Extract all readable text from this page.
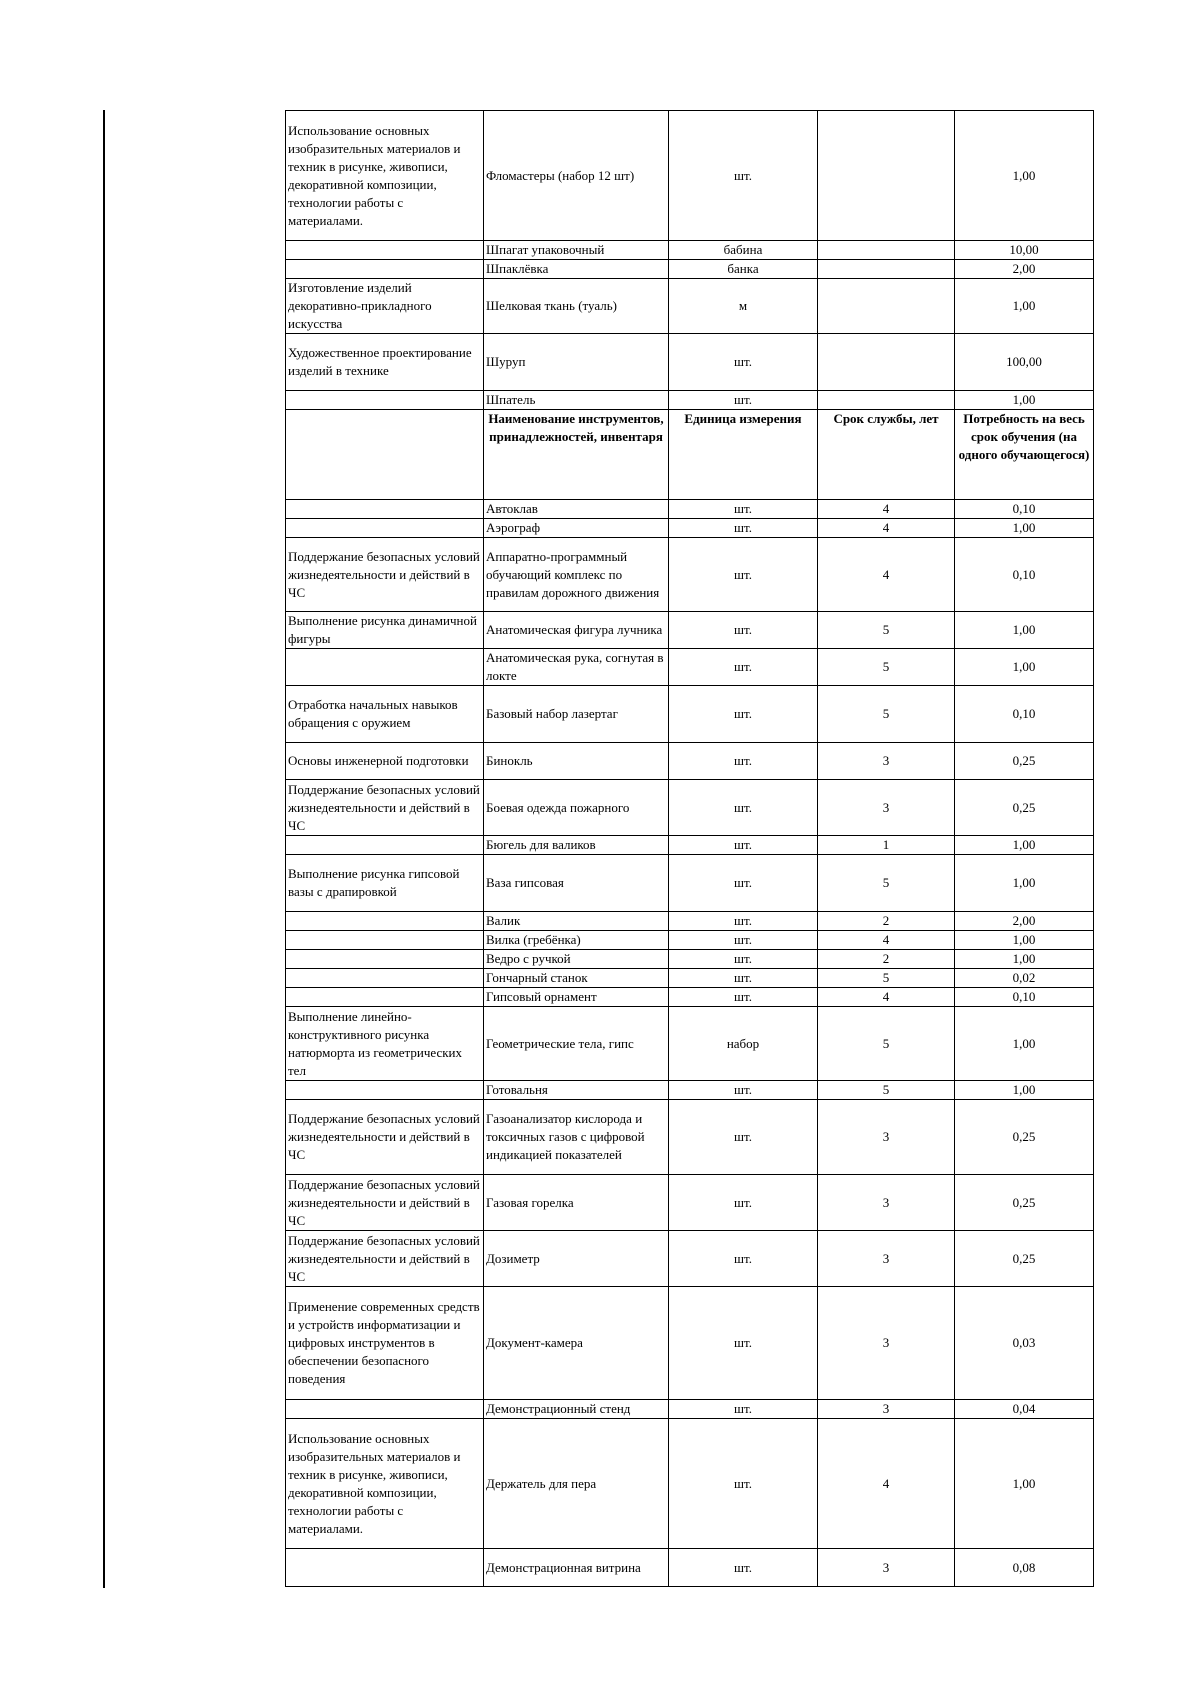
Использование основных изобразительных материалов и техник в рисунке, живописи, декоративной композиции, технологии работы с материалами.	Фломастеры (набор 12 шт)	шт.		1,00
	Шпагат упаковочный	бабина		10,00
	Шпаклёвка	банка		2,00
Изготовление изделий декоративно-прикладного искусства	Шелковая ткань (туаль)	м		1,00
Художественное проектирование изделий в технике	Шуруп	шт.		100,00
	Шпатель	шт.		1,00
	Наименование инструментов, принадлежностей, инвентаря	Единица измерения	Срок службы, лет	Потребность на весь срок обучения (на одного обучающегося)
	Автоклав	шт.	4	0,10
	Аэрограф	шт.	4	1,00
Поддержание безопасных условий жизнедеятельности и действий в ЧС	Аппаратно-программный обучающий комплекс по правилам дорожного движения	шт.	4	0,10
Выполнение рисунка динамичной фигуры	Анатомическая фигура лучника	шт.	5	1,00
	Анатомическая рука, согнутая в локте	шт.	5	1,00
Отработка начальных навыков обращения с оружием	Базовый набор лазертаг	шт.	5	0,10
Основы инженерной подготовки	Бинокль	шт.	3	0,25
Поддержание безопасных условий жизнедеятельности и действий в ЧС	Боевая одежда пожарного	шт.	3	0,25
	Бюгель для валиков	шт.	1	1,00
Выполнение рисунка гипсовой вазы с драпировкой	Ваза гипсовая	шт.	5	1,00
	Валик	шт.	2	2,00
	Вилка (гребёнка)	шт.	4	1,00
	Ведро с ручкой	шт.	2	1,00
	Гончарный станок	шт.	5	0,02
	Гипсовый орнамент	шт.	4	0,10
Выполнение линейно-конструктивного рисунка натюрморта из геометрических тел	Геометрические тела, гипс	набор	5	1,00
	Готовальня	шт.	5	1,00
Поддержание безопасных условий жизнедеятельности и действий в ЧС	Газоанализатор кислорода и токсичных газов с цифровой индикацией показателей	шт.	3	0,25
Поддержание безопасных условий жизнедеятельности и действий в ЧС	Газовая горелка	шт.	3	0,25
Поддержание безопасных условий жизнедеятельности и действий в ЧС	Дозиметр	шт.	3	0,25
Применение современных средств и устройств информатизации и цифровых инструментов в обеспечении безопасного поведения	Документ-камера	шт.	3	0,03
	Демонстрационный стенд	шт.	3	0,04
Использование основных изобразительных материалов и техник в рисунке, живописи, декоративной композиции, технологии работы с материалами.	Держатель для пера	шт.	4	1,00
	Демонстрационная витрина	шт.	3	0,08
